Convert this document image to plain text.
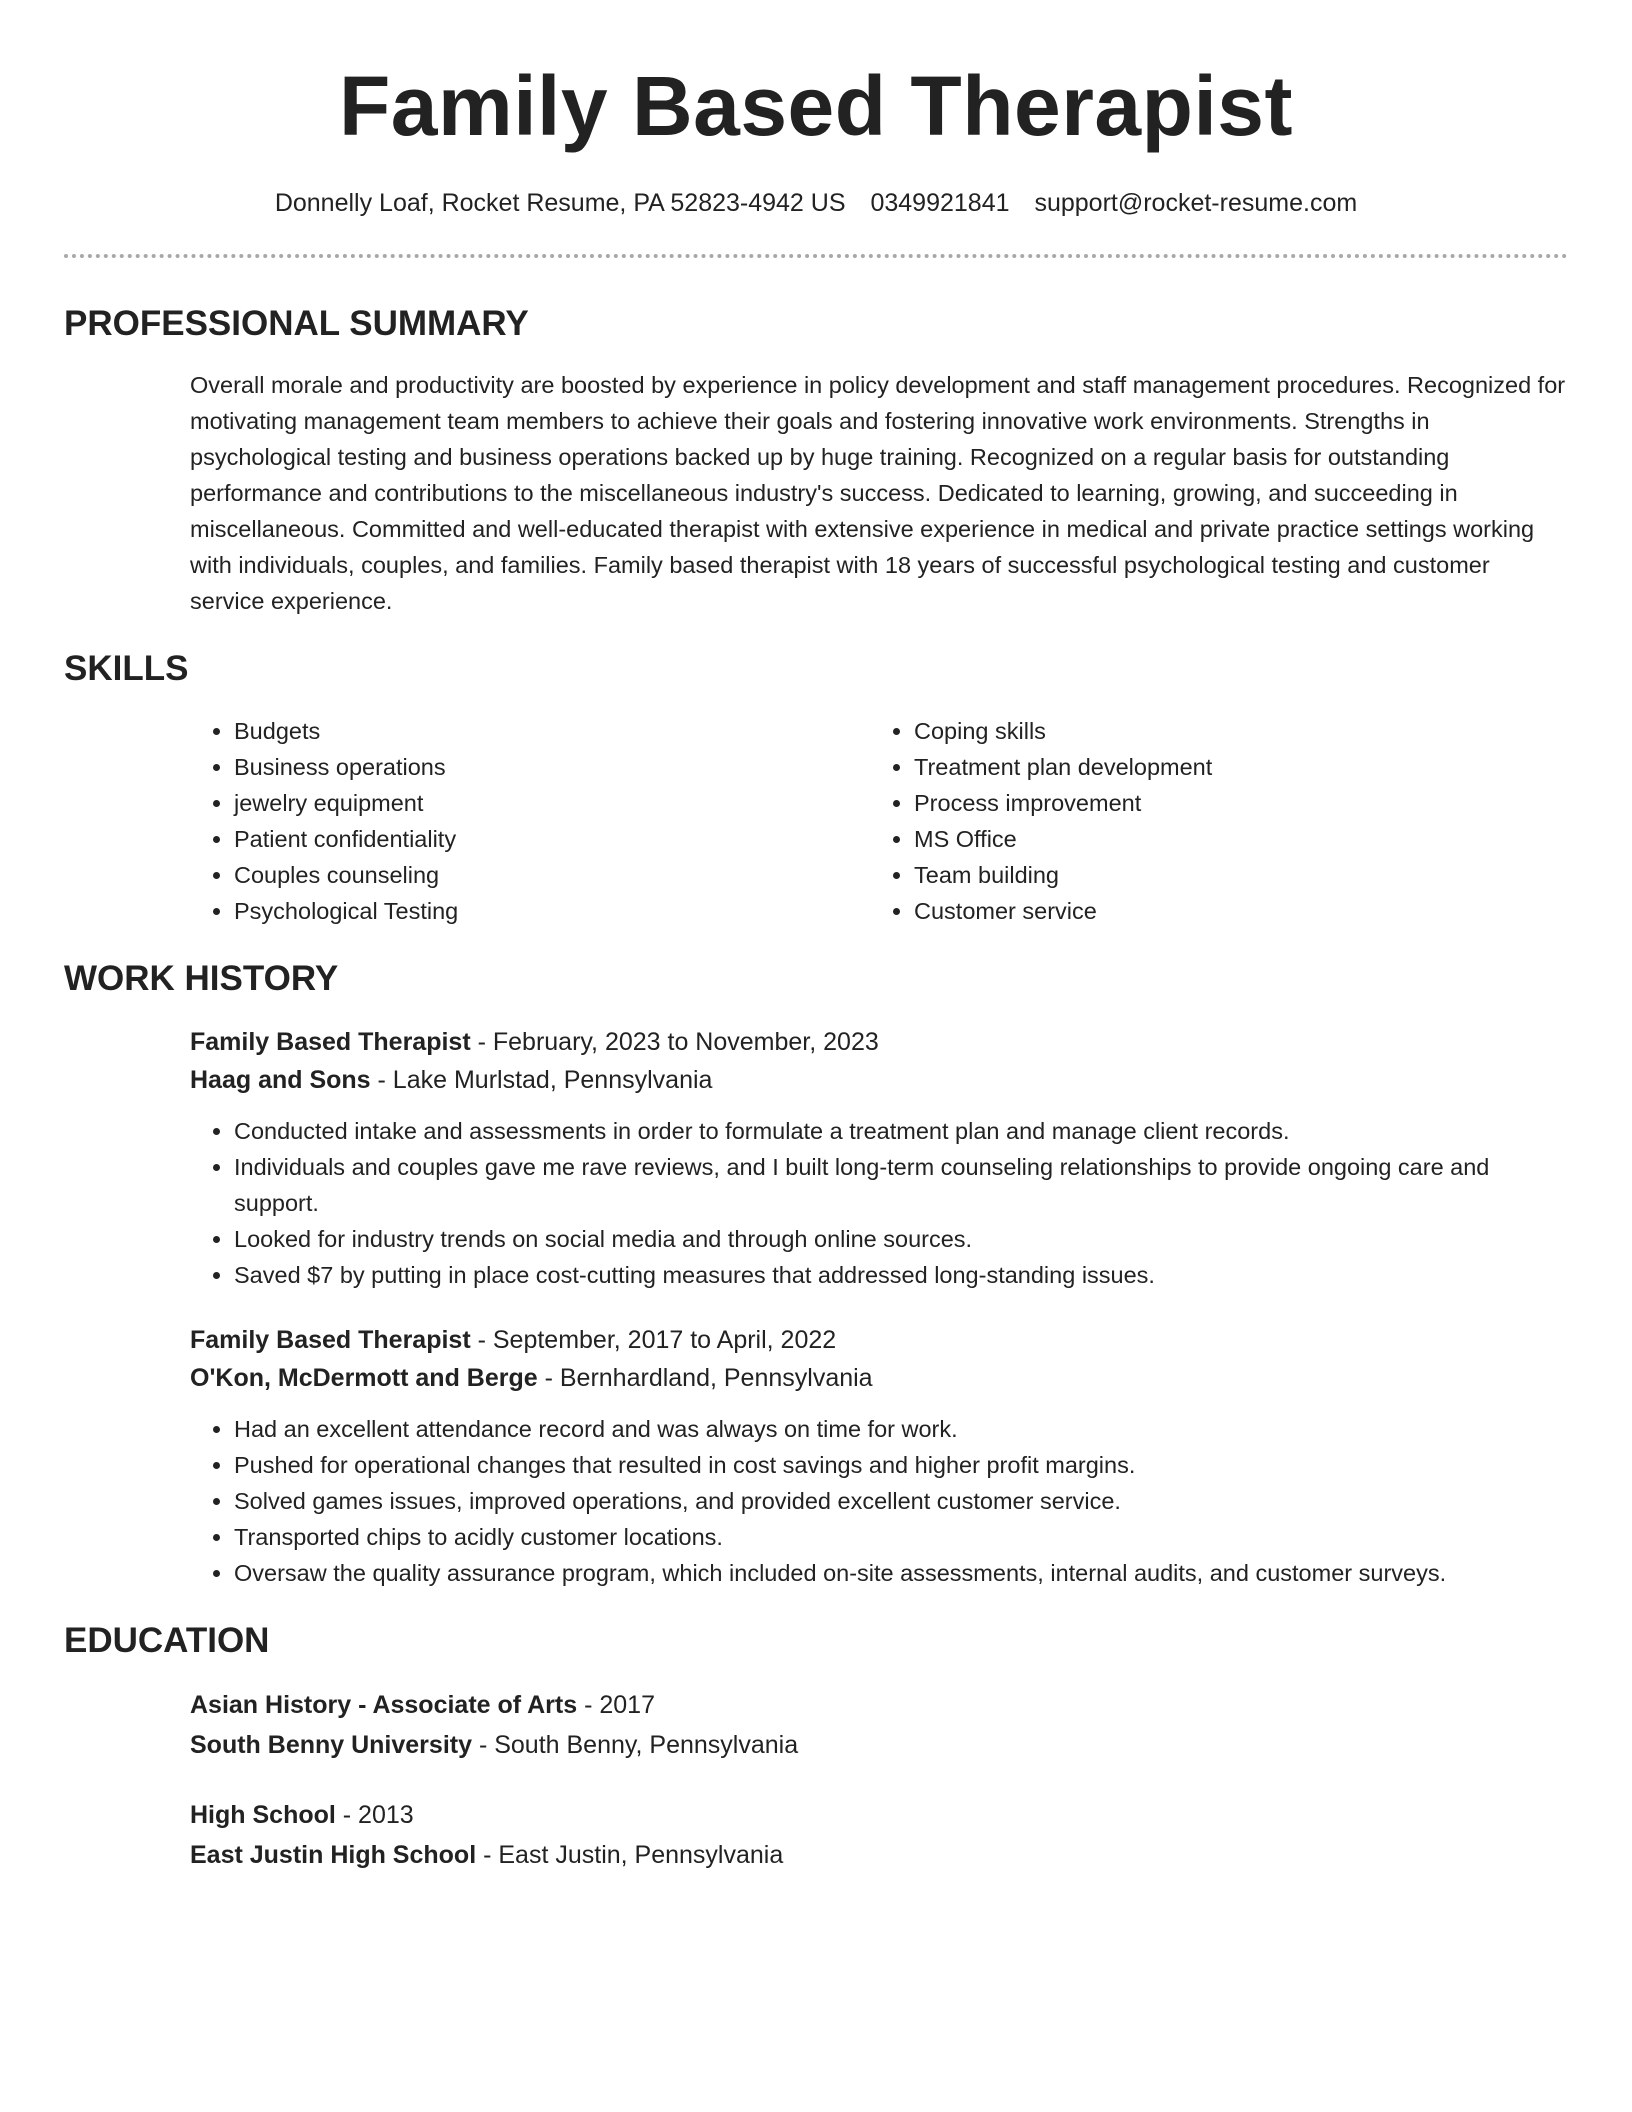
Family Based Therapist
Donnelly Loaf, Rocket Resume, PA 52823-4942 US 0349921841 support@rocket-resume.com
PROFESSIONAL SUMMARY
Overall morale and productivity are boosted by experience in policy development and staff management procedures. Recognized for motivating management team members to achieve their goals and fostering innovative work environments. Strengths in psychological testing and business operations backed up by huge training. Recognized on a regular basis for outstanding performance and contributions to the miscellaneous industry's success. Dedicated to learning, growing, and succeeding in miscellaneous. Committed and well-educated therapist with extensive experience in medical and private practice settings working with individuals, couples, and families. Family based therapist with 18 years of successful psychological testing and customer service experience.
SKILLS
• Budgets
• Business operations
• jewelry equipment
• Patient confidentiality
• Couples counseling
• Psychological Testing
• Coping skills
• Treatment plan development
• Process improvement
• MS Office
• Team building
• Customer service
WORK HISTORY
Family Based Therapist - February, 2023 to November, 2023
Haag and Sons - Lake Murlstad, Pennsylvania
• Conducted intake and assessments in order to formulate a treatment plan and manage client records.
• Individuals and couples gave me rave reviews, and I built long-term counseling relationships to provide ongoing care and support.
• Looked for industry trends on social media and through online sources.
• Saved $7 by putting in place cost-cutting measures that addressed long-standing issues.
Family Based Therapist - September, 2017 to April, 2022
O'Kon, McDermott and Berge - Bernhardland, Pennsylvania
• Had an excellent attendance record and was always on time for work.
• Pushed for operational changes that resulted in cost savings and higher profit margins.
• Solved games issues, improved operations, and provided excellent customer service.
• Transported chips to acidly customer locations.
• Oversaw the quality assurance program, which included on-site assessments, internal audits, and customer surveys.
EDUCATION
Asian History - Associate of Arts - 2017
South Benny University - South Benny, Pennsylvania
High School - 2013
East Justin High School - East Justin, Pennsylvania
